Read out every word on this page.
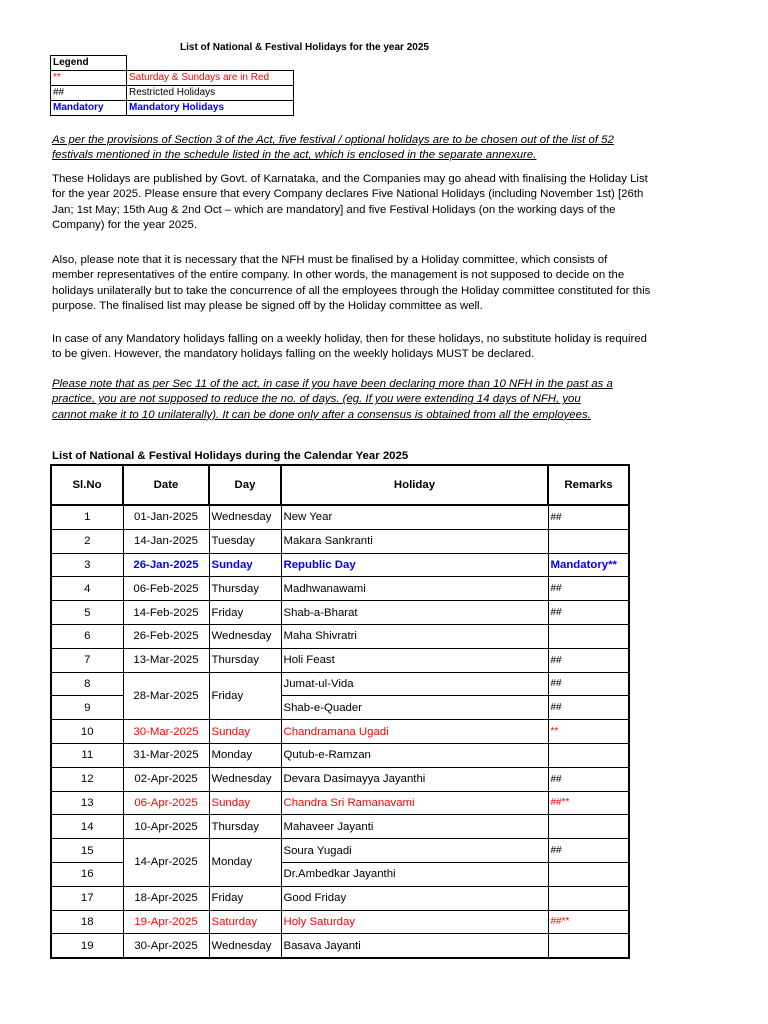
List of National & Festival Holidays for the year 2025
Legend	
**	Saturday & Sundays are in Red
##	Restricted Holidays
Mandatory	Mandatory Holidays
As per the provisions of Section 3 of the Act, five festival / optional holidays are to be chosen out of the list of 52
festivals mentioned in the schedule listed in the act, which is enclosed in the separate annexure.

These Holidays are published by Govt. of Karnataka, and the Companies may go ahead with finalising the Holiday List for the year 2025. Please ensure that every Company declares Five National Holidays (including November 1st) [26th Jan; 1st May; 15th Aug & 2nd Oct – which are mandatory] and five Festival Holidays (on the working days of the Company) for the year 2025.

Also, please note that it is necessary that the NFH must be finalised by a Holiday committee, which consists of member representatives of the entire company. In other words, the management is not supposed to decide on the holidays unilaterally but to take the concurrence of all the employees through the Holiday committee constituted for this purpose. The finalised list may please be signed off by the Holiday committee as well.

In case of any Mandatory holidays falling on a weekly holiday, then for these holidays, no substitute holiday is required to be given. However, the mandatory holidays falling on the weekly holidays MUST be declared.

Please note that as per Sec 11 of the act, in case if you have been declaring more than 10 NFH in the past as a
practice, you are not supposed to reduce the no. of days. (eg. If you were extending 14 days of NFH, you
cannot make it to 10 unilaterally). It can be done only after a consensus is obtained from all the employees.
List of National & Festival Holidays during the Calendar Year 2025
Sl.No	Date	Day	Holiday	Remarks
1	01-Jan-2025	Wednesday	New Year	##
2	14-Jan-2025	Tuesday	Makara Sankranti	
3	26-Jan-2025	Sunday	Republic Day	Mandatory**
4	06-Feb-2025	Thursday	Madhwanawami	##
5	14-Feb-2025	Friday	Shab-a-Bharat	##
6	26-Feb-2025	Wednesday	Maha Shivratri	
7	13-Mar-2025	Thursday	Holi Feast	##
8	28-Mar-2025	Friday	Jumat-ul-Vida	##
9			Shab-e-Quader	##
10	30-Mar-2025	Sunday	Chandramana Ugadi	**
11	31-Mar-2025	Monday	Qutub-e-Ramzan	
12	02-Apr-2025	Wednesday	Devara Dasimayya Jayanthi	##
13	06-Apr-2025	Sunday	Chandra Sri Ramanavami	##**
14	10-Apr-2025	Thursday	Mahaveer Jayanti	
15	14-Apr-2025	Monday	Soura Yugadi	##
16			Dr.Ambedkar Jayanthi	
17	18-Apr-2025	Friday	Good Friday	
18	19-Apr-2025	Saturday	Holy Saturday	##**
19	30-Apr-2025	Wednesday	Basava Jayanti	
